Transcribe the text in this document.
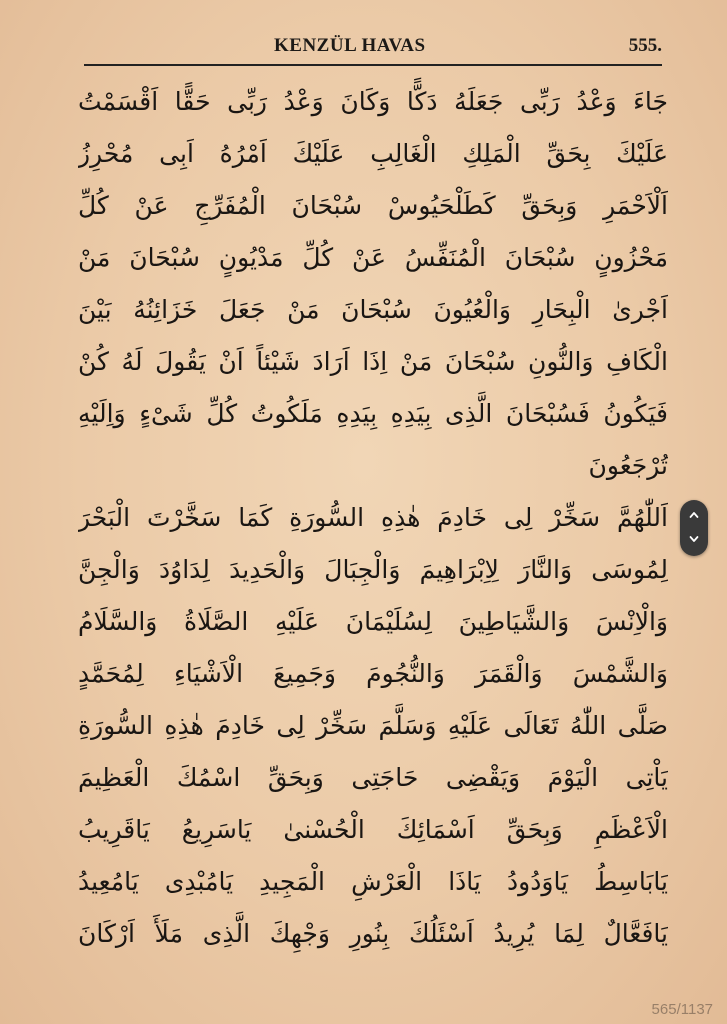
KENZÜL HAVAS	555.
جَاءَ وَعْدُ رَبِّى جَعَلَهُ دَكًّا وَكَانَ وَعْدُ رَبِّى حَقًّا اَقْسَمْتُ
عَلَيْكَ بِحَقِّ الْمَلِكِ الْغَالِبِ عَلَيْكَ اَمْرُهُ اَبِى مُحْرِزُ
اَلْاَحْمَرِ وَبِحَقِّ كَطَلْحَيُوسْ سُبْحَانَ الْمُفَرِّجِ عَنْ كُلِّ
مَحْزُونٍ سُبْحَانَ الْمُنَفِّسُ عَنْ كُلِّ مَدْيُونٍ سُبْحَانَ مَنْ
اَجْرىٰ الْبِحَارِ وَالْعُيُونَ سُبْحَانَ مَنْ جَعَلَ خَزَائِنُهُ بَيْنَ
الْكَافِ وَالنُّونِ سُبْحَانَ مَنْ اِذَا اَرَادَ شَيْئاً اَنْ يَقُولَ لَهُ كُنْ
فَيَكُونُ فَسُبْحَانَ الَّذِى بِيَدِهِ بِيَدِهِ مَلَكُوتُ كُلِّ شَىْءٍ وَاِلَيْهِ
تُرْجَعُونَ
اَللّٰهُمَّ سَخِّرْ لِى خَادِمَ هٰذِهِ السُّورَةِ كَمَا سَخَّرْتَ الْبَحْرَ
لِمُوسَى وَالنَّارَ لِاِبْرَاهِيمَ وَالْجِبَالَ وَالْحَدِيدَ لِدَاوُدَ وَالْجِنَّ
وَالْاِنْسَ وَالشَّيَاطِينَ لِسُلَيْمَانَ عَلَيْهِ الصَّلَاةُ وَالسَّلَامُ
وَالشَّمْسَ وَالْقَمَرَ وَالنُّجُومَ وَجَمِيعَ الْاَشْيَاءِ لِمُحَمَّدٍ
صَلَّى اللّٰهُ تَعَالَى عَلَيْهِ وَسَلَّمَ سَخِّرْ لِى خَادِمَ هٰذِهِ السُّورَةِ
يَاْتِى الْيَوْمَ وَيَقْضِى حَاجَتِى وَبِحَقِّ اسْمُكَ الْعَظِيمَ
الْاَعْظَمِ وَبِحَقِّ اَسْمَائِكَ الْحُسْنىٰ يَاسَرِيعُ يَاقَرِيبُ
يَابَاسِطُ يَاوَدُودُ يَاذَا الْعَرْشِ الْمَجِيدِ يَامُبْدِى يَامُعِيدُ
يَافَعَّالٌ لِمَا يُرِيدُ اَسْئَلُكَ بِنُورِ وَجْهِكَ الَّذِى مَلَأَ اَرْكَانَ
565/1137
